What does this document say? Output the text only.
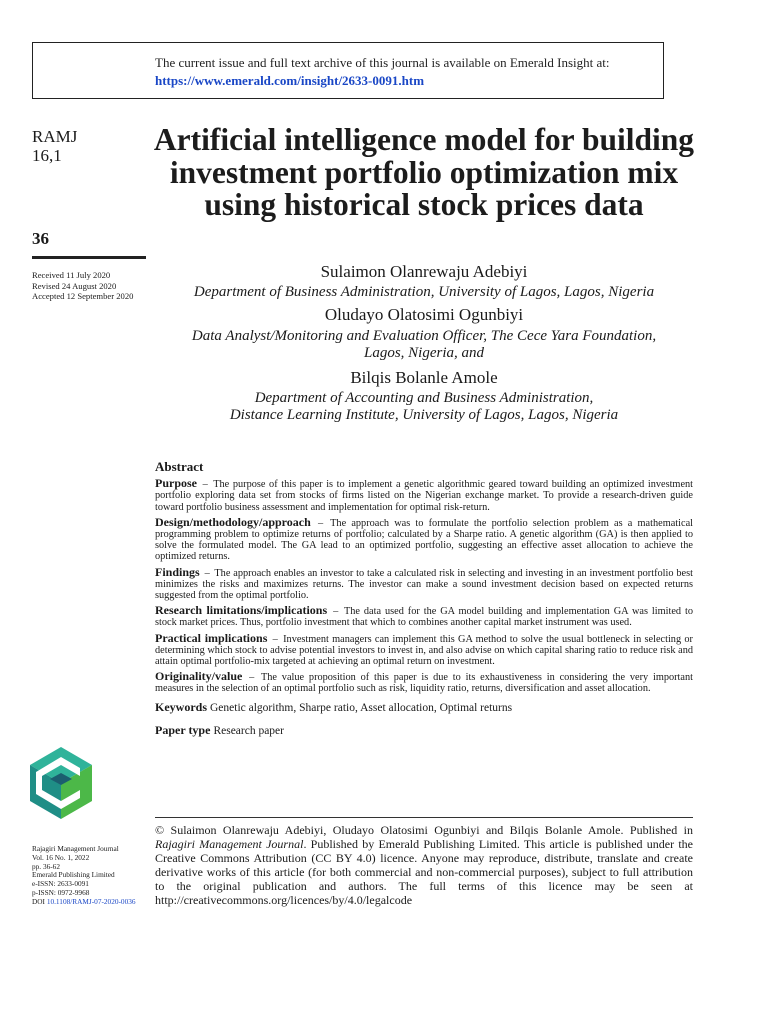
The current issue and full text archive of this journal is available on Emerald Insight at:
https://www.emerald.com/insight/2633-0091.htm
RAMJ
16,1
36
Received 11 July 2020
Revised 24 August 2020
Accepted 12 September 2020
Artificial intelligence model for building investment portfolio optimization mix using historical stock prices data
Sulaimon Olanrewaju Adebiyi
Department of Business Administration, University of Lagos, Lagos, Nigeria
Oludayo Olatosimi Ogunbiyi
Data Analyst/Monitoring and Evaluation Officer, The Cece Yara Foundation,
Lagos, Nigeria, and
Bilqis Bolanle Amole
Department of Accounting and Business Administration,
Distance Learning Institute, University of Lagos, Lagos, Nigeria
Abstract
Purpose – The purpose of this paper is to implement a genetic algorithmic geared toward building an optimized investment portfolio exploring data set from stocks of firms listed on the Nigerian exchange market. To provide a research-driven guide toward portfolio business assessment and implementation for optimal risk-return.
Design/methodology/approach – The approach was to formulate the portfolio selection problem as a mathematical programming problem to optimize returns of portfolio; calculated by a Sharpe ratio. A genetic algorithm (GA) is then applied to solve the formulated model. The GA lead to an optimized portfolio, suggesting an effective asset allocation to achieve the optimized returns.
Findings – The approach enables an investor to take a calculated risk in selecting and investing in an investment portfolio best minimizes the risks and maximizes returns. The investor can make a sound investment decision based on expected returns suggested from the optimal portfolio.
Research limitations/implications – The data used for the GA model building and implementation GA was limited to stock market prices. Thus, portfolio investment that which to combines another capital market instrument was used.
Practical implications – Investment managers can implement this GA method to solve the usual bottleneck in selecting or determining which stock to advise potential investors to invest in, and also advise on which capital sharing ratio to reduce risk and attain optimal portfolio-mix targeted at achieving an optimal return on investment.
Originality/value – The value proposition of this paper is due to its exhaustiveness in considering the very important measures in the selection of an optimal portfolio such as risk, liquidity ratio, returns, diversification and asset allocation.
Keywords Genetic algorithm, Sharpe ratio, Asset allocation, Optimal returns
Paper type Research paper
© Sulaimon Olanrewaju Adebiyi, Oludayo Olatosimi Ogunbiyi and Bilqis Bolanle Amole. Published in Rajagiri Management Journal. Published by Emerald Publishing Limited. This article is published under the Creative Commons Attribution (CC BY 4.0) licence. Anyone may reproduce, distribute, translate and create derivative works of this article (for both commercial and non-commercial purposes), subject to full attribution to the original publication and authors. The full terms of this licence may be seen at http://creativecommons.org/licences/by/4.0/legalcode
Rajagiri Management Journal
Vol. 16 No. 1, 2022
pp. 36-62
Emerald Publishing Limited
e-ISSN: 2633-0091
p-ISSN: 0972-9968
DOI 10.1108/RAMJ-07-2020-0036
